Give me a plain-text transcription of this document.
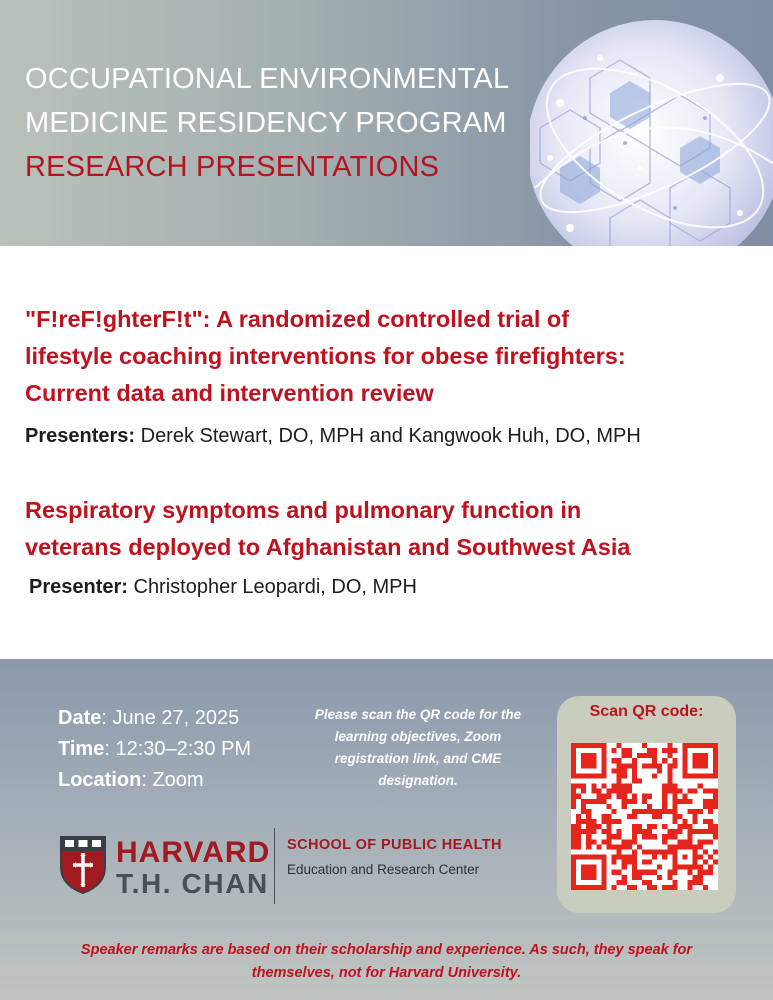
OCCUPATIONAL ENVIRONMENTAL
MEDICINE RESIDENCY PROGRAM
RESEARCH PRESENTATIONS
"F!reF!ghterF!t": A randomized controlled trial of
lifestyle coaching interventions for obese firefighters:
Current data and intervention review
Presenters: Derek Stewart, DO, MPH and Kangwook Huh, DO, MPH
Respiratory symptoms and pulmonary function in
veterans deployed to Afghanistan and Southwest Asia
Presenter: Christopher Leopardi, DO, MPH
Date: June 27, 2025
Time: 12:30–2:30 PM
Location: Zoom
Please scan the QR code for the
learning objectives, Zoom
registration link, and CME
designation.
Scan QR code:
HARVARD
T.H. CHAN
SCHOOL OF PUBLIC HEALTH
Education and Research Center
Speaker remarks are based on their scholarship and experience. As such, they speak for
themselves, not for Harvard University.
